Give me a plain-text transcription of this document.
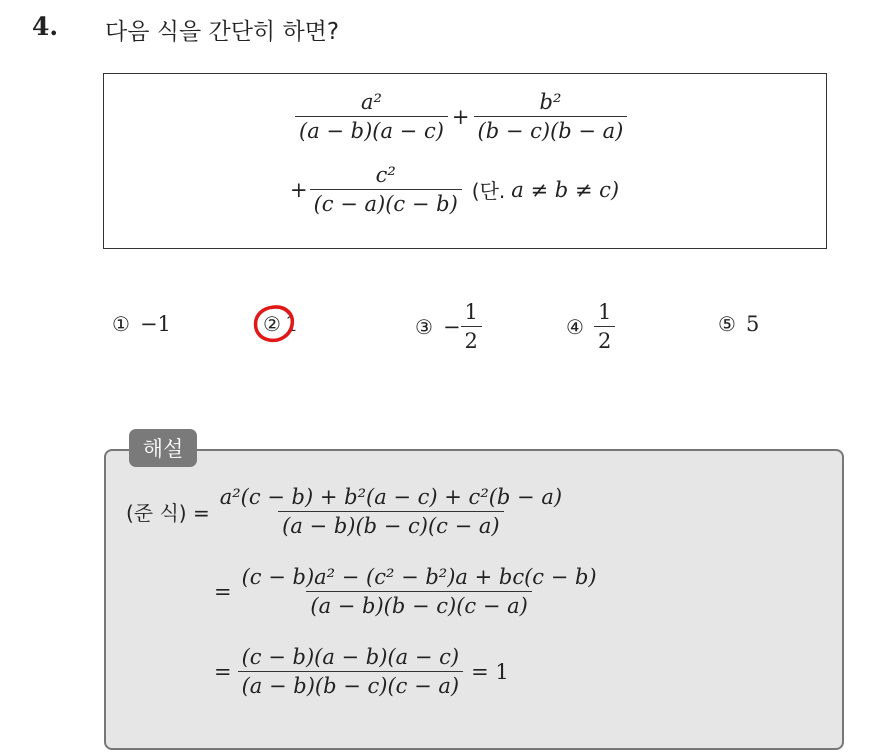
4. 다음 식을 간단히 하면?
$\frac{\text{a²}}{(a - b)(a - c)} + \frac{\text{b²}}{(b - c)(b - a)}$
+ $\frac{\text{c²}}{(c - a)(c - b)}$ (단. a ≠ b ≠ c)
① −1	② 1	③ − $\frac{1}{2}$	④ $\frac{1}{2}$	⑤ 5
해설
(준 식) = $\frac{\text{a²(c − b) + b²(a − c) + c²(b − a)}}{(a - b)(b - c)(c - a)}$
= $\frac{\text{(c − b)a² − (c² − b²)a + bc(c − b)}}{(a - b)(b - c)(c - a)}$
= $\frac{(c - b)(a - b)(a - c)}{(a - b)(b - c)(c - a)} = 1$
